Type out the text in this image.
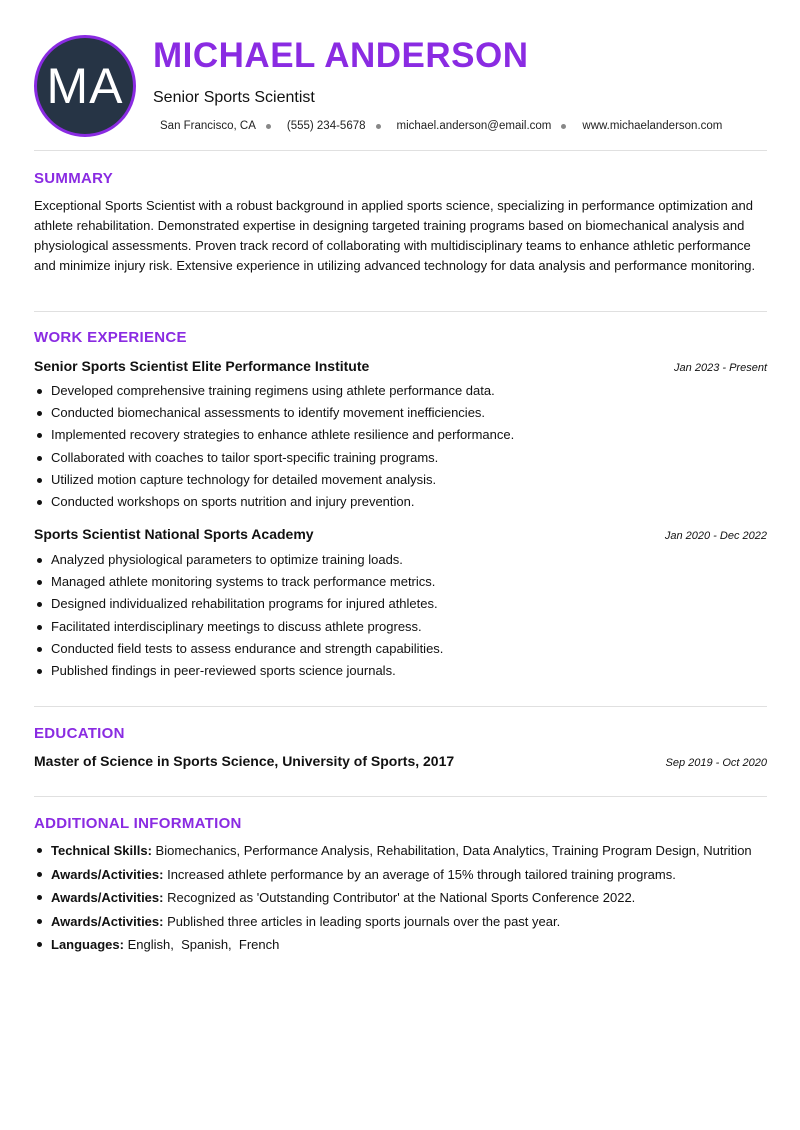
MA
MICHAEL ANDERSON
Senior Sports Scientist
San Francisco, CA	(555) 234-5678	michael.anderson@email.com	www.michaelanderson.com
SUMMARY
Exceptional Sports Scientist with a robust background in applied sports science, specializing in performance optimization and athlete rehabilitation. Demonstrated expertise in designing targeted training programs based on biomechanical analysis and physiological assessments. Proven track record of collaborating with multidisciplinary teams to enhance athletic performance and minimize injury risk. Extensive experience in utilizing advanced technology for data analysis and performance monitoring.
WORK EXPERIENCE
Senior Sports Scientist Elite Performance Institute	Jan 2023 - Present
Developed comprehensive training regimens using athlete performance data.
Conducted biomechanical assessments to identify movement inefficiencies.
Implemented recovery strategies to enhance athlete resilience and performance.
Collaborated with coaches to tailor sport-specific training programs.
Utilized motion capture technology for detailed movement analysis.
Conducted workshops on sports nutrition and injury prevention.
Sports Scientist National Sports Academy	Jan 2020 - Dec 2022
Analyzed physiological parameters to optimize training loads.
Managed athlete monitoring systems to track performance metrics.
Designed individualized rehabilitation programs for injured athletes.
Facilitated interdisciplinary meetings to discuss athlete progress.
Conducted field tests to assess endurance and strength capabilities.
Published findings in peer-reviewed sports science journals.
EDUCATION
Master of Science in Sports Science, University of Sports, 2017	Sep 2019 - Oct 2020
ADDITIONAL INFORMATION
Technical Skills: Biomechanics, Performance Analysis, Rehabilitation, Data Analytics, Training Program Design, Nutrition
Awards/Activities: Increased athlete performance by an average of 15% through tailored training programs.
Awards/Activities: Recognized as 'Outstanding Contributor' at the National Sports Conference 2022.
Awards/Activities: Published three articles in leading sports journals over the past year.
Languages: English,  Spanish,  French
